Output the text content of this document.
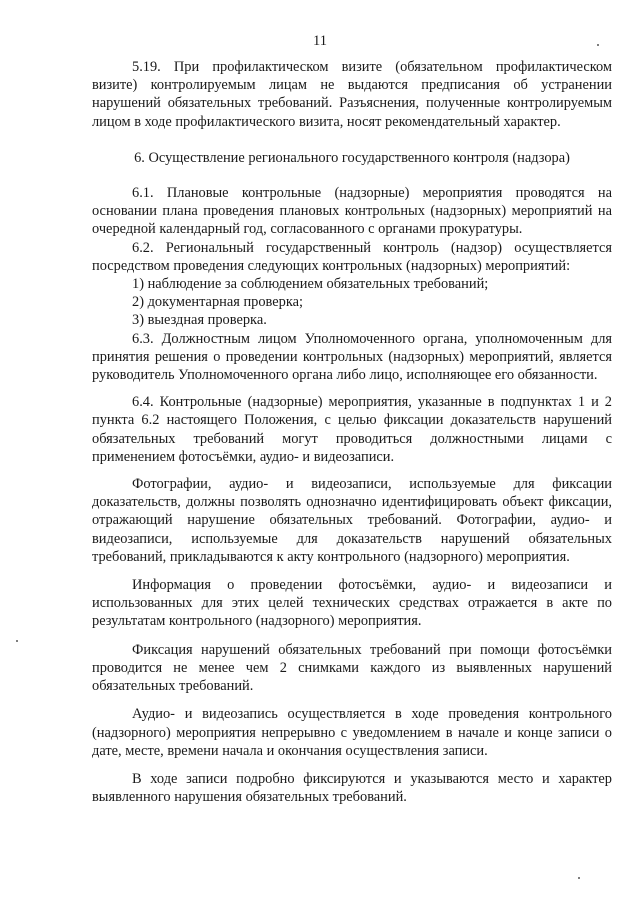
11

5.19. При профилактическом визите (обязательном профилактическом визите) контролируемым лицам не выдаются предписания об устранении нарушений обязательных требований. Разъяснения, полученные контролируемым лицом в ходе профилактического визита, носят рекомендательный характер.

6. Осуществление регионального государственного контроля (надзора)

6.1. Плановые контрольные (надзорные) мероприятия проводятся на основании плана проведения плановых контрольных (надзорных) мероприятий на очередной календарный год, согласованного с органами прокуратуры.

6.2. Региональный государственный контроль (надзор) осуществляется посредством проведения следующих контрольных (надзорных) мероприятий:

1) наблюдение за соблюдением обязательных требований;

2) документарная проверка;

3) выездная проверка.

6.3. Должностным лицом Уполномоченного органа, уполномоченным для принятия решения о проведении контрольных (надзорных) мероприятий, является руководитель Уполномоченного органа либо лицо, исполняющее его обязанности.

6.4. Контрольные (надзорные) мероприятия, указанные в подпунктах 1 и 2 пункта 6.2 настоящего Положения, с целью фиксации доказательств нарушений обязательных требований могут проводиться должностными лицами с применением фотосъёмки, аудио- и видеозаписи.

Фотографии, аудио- и видеозаписи, используемые для фиксации доказательств, должны позволять однозначно идентифицировать объект фиксации, отражающий нарушение обязательных требований. Фотографии, аудио- и видеозаписи, используемые для доказательств нарушений обязательных требований, прикладываются к акту контрольного (надзорного) мероприятия.

Информация о проведении фотосъёмки, аудио- и видеозаписи и использованных для этих целей технических средствах отражается в акте по результатам контрольного (надзорного) мероприятия.

Фиксация нарушений обязательных требований при помощи фотосъёмки проводится не менее чем 2 снимками каждого из выявленных нарушений обязательных требований.

Аудио- и видеозапись осуществляется в ходе проведения контрольного (надзорного) мероприятия непрерывно с уведомлением в начале и конце записи о дате, месте, времени начала и окончания осуществления записи.

В ходе записи подробно фиксируются и указываются место и характер выявленного нарушения обязательных требований.
